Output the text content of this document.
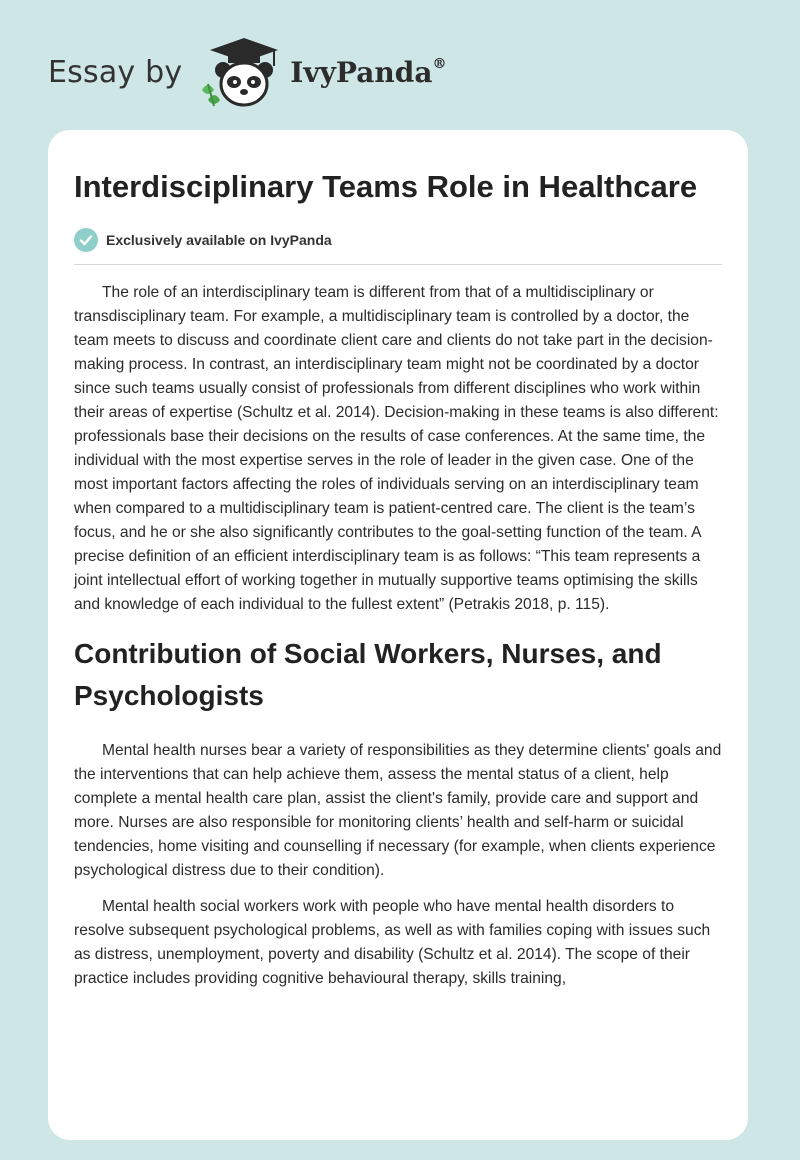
Essay by	IvyPanda®
Interdisciplinary Teams Role in Healthcare
Exclusively available on IvyPanda

The role of an interdisciplinary team is different from that of a multidisciplinary or transdisciplinary team. For example, a multidisciplinary team is controlled by a doctor, the team meets to discuss and coordinate client care and clients do not take part in the decision-making process. In contrast, an interdisciplinary team might not be coordinated by a doctor since such teams usually consist of professionals from different disciplines who work within their areas of expertise (Schultz et al. 2014). Decision-making in these teams is also different: professionals base their decisions on the results of case conferences. At the same time, the individual with the most expertise serves in the role of leader in the given case. One of the most important factors affecting the roles of individuals serving on an interdisciplinary team when compared to a multidisciplinary team is patient-centred care. The client is the team’s focus, and he or she also significantly contributes to the goal-setting function of the team. A precise definition of an efficient interdisciplinary team is as follows: “This team represents a joint intellectual effort of working together in mutually supportive teams optimising the skills and knowledge of each individual to the fullest extent” (Petrakis 2018, p. 115).

Contribution of Social Workers, Nurses, and Psychologists

Mental health nurses bear a variety of responsibilities as they determine clients' goals and the interventions that can help achieve them, assess the mental status of a client, help complete a mental health care plan, assist the client's family, provide care and support and more. Nurses are also responsible for monitoring clients’ health and self-harm or suicidal tendencies, home visiting and counselling if necessary (for example, when clients experience psychological distress due to their condition).

Mental health social workers work with people who have mental health disorders to resolve subsequent psychological problems, as well as with families coping with issues such as distress, unemployment, poverty and disability (Schultz et al. 2014). The scope of their practice includes providing cognitive behavioural therapy, skills training,
